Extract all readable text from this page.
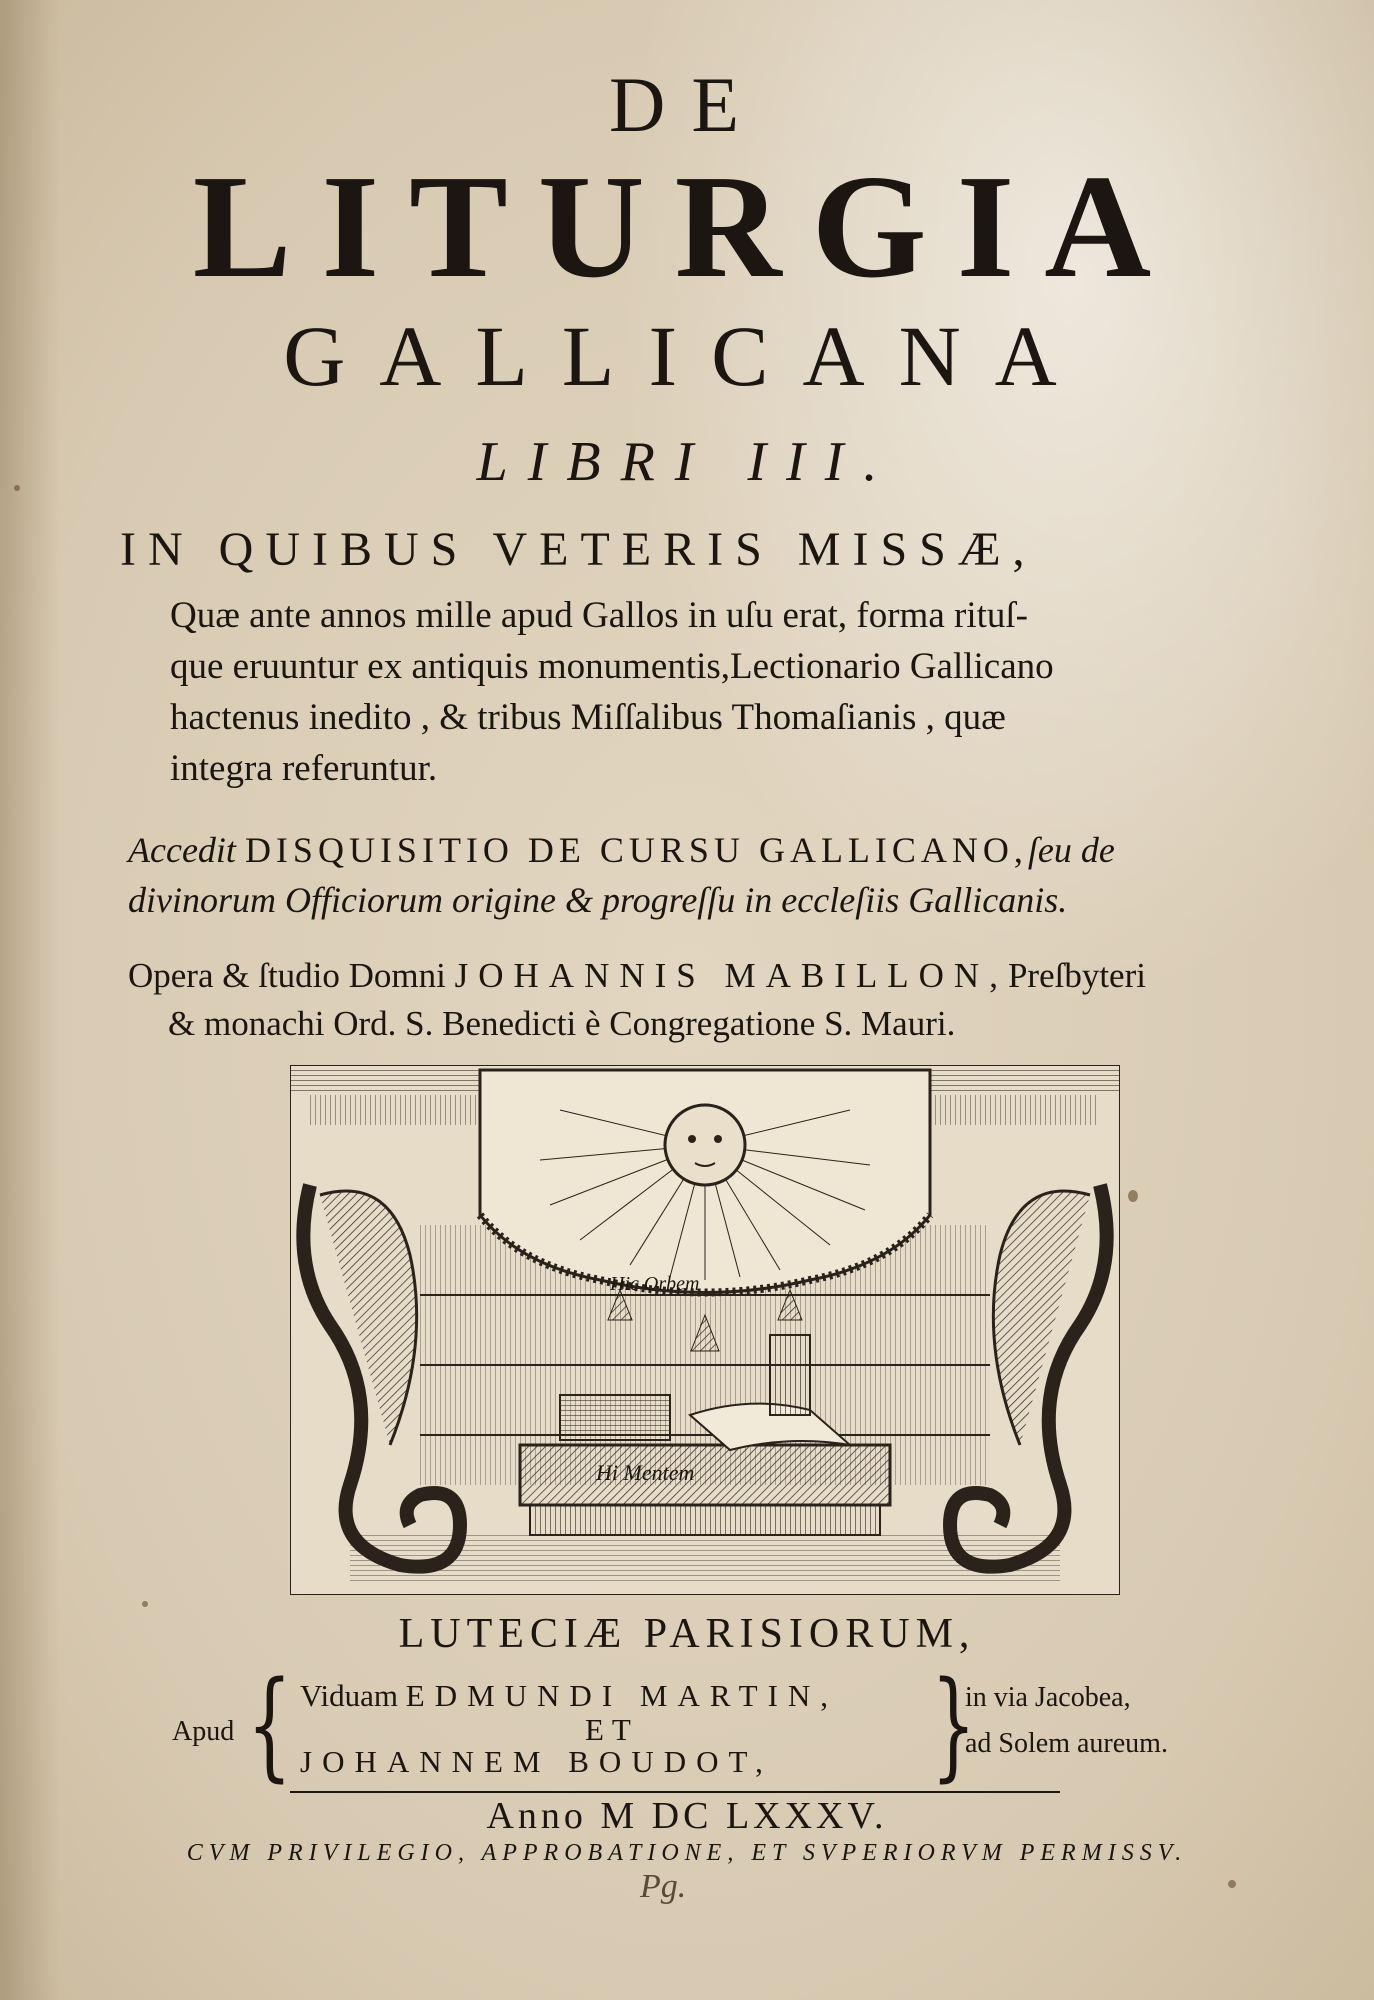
DE
LITURGIA
GALLICANA
LIBRI III.
IN QUIBUS VETERIS MISSÆ,
Quæ ante annos mille apud Gallos in uſu erat, forma rituſ-
que eruuntur ex antiquis monumentis,Lectionario Gallicano
hactenus inedito , & tribus Miſſalibus Thomaſianis , quæ
integra referuntur.
Accedit DISQUISITIO DE CURSU GALLICANO,ſeu de
divinorum Officiorum origine & progreſſu in eccleſiis Gallicanis.
Opera & ſtudio Domni JOHANNIS MABILLON,Preſbyteri
& monachi Ord. S. Benedicti è Congregatione S. Mauri.
Hic Orbem
Hi Mentem
LUTECIÆ PARISIORUM,
Apud {	}
Viduam EDMUNDI MARTIN,
ET
JOHANNEM BOUDOT,
in via Jacobea,
ad Solem aureum.
Anno M DC LXXXV.
CVM PRIVILEGIO, APPROBATIONE, ET SVPERIORVM PERMISSV.
Pg.
